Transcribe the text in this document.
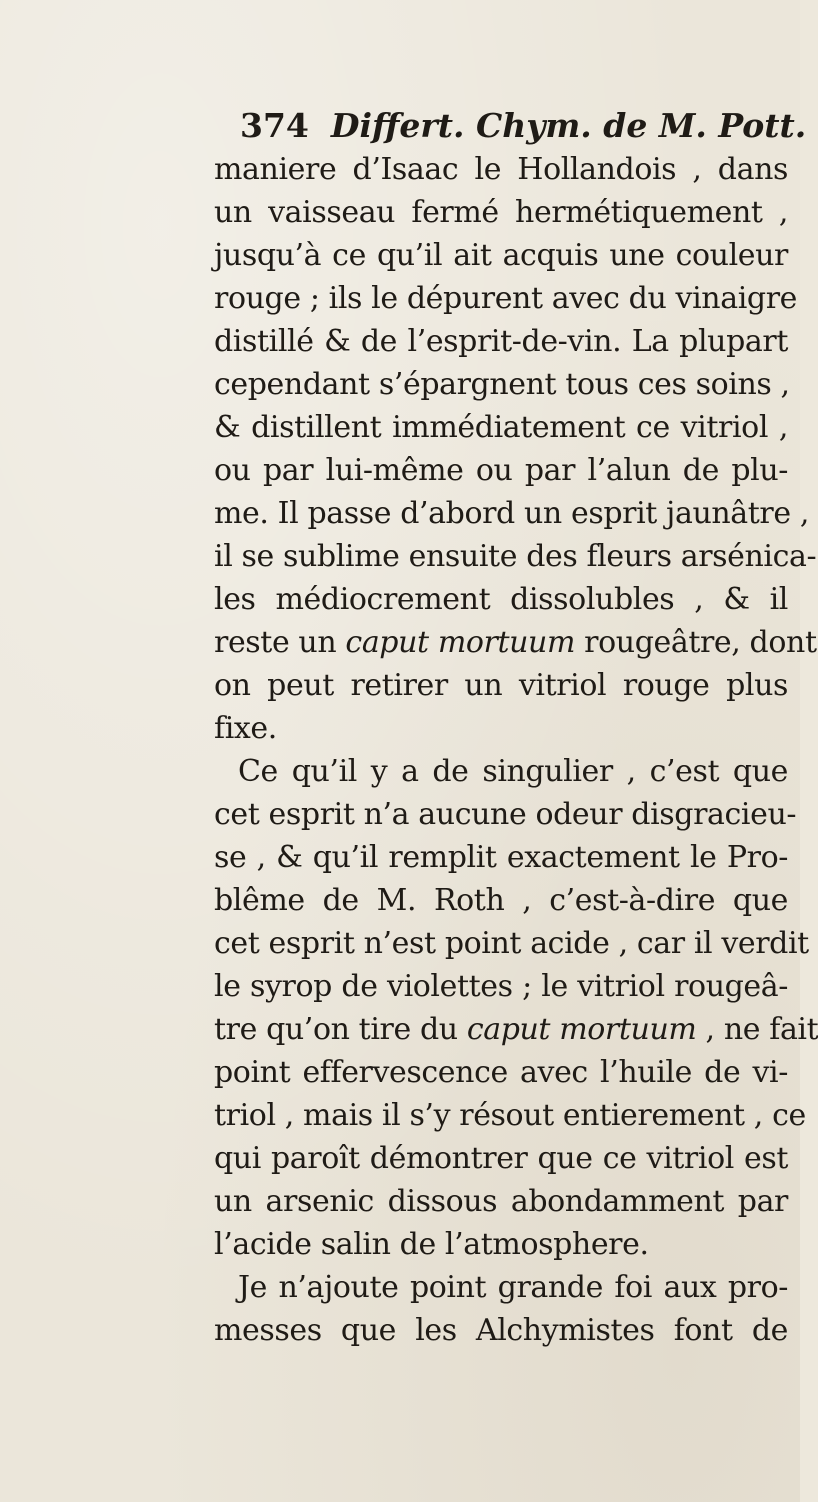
374 Differt. Chym. de M. Pott.
maniere d’Isaac le Hollandois , dans
un vaisseau fermé hermétiquement ,
jusqu’à ce qu’il ait acquis une couleur
rouge ; ils le dépurent avec du vinaigre
distillé & de l’esprit-de-vin. La plupart
cependant s’épargnent tous ces soins ,
& distillent immédiatement ce vitriol ,
ou par lui-même ou par l’alun de plu-
me. Il passe d’abord un esprit jaunâtre ,
il se sublime ensuite des fleurs arsénica-
les médiocrement dissolubles , & il
reste un caput mortuum rougeâtre, dont
on peut retirer un vitriol rouge plus
fixe.
Ce qu’il y a de singulier , c’est que
cet esprit n’a aucune odeur disgracieu-
se , & qu’il remplit exactement le Pro-
blême de M. Roth , c’est-à-dire que
cet esprit n’est point acide , car il verdit
le syrop de violettes ; le vitriol rougeâ-
tre qu’on tire du caput mortuum , ne fait
point effervescence avec l’huile de vi-
triol , mais il s’y résout entierement , ce
qui paroît démontrer que ce vitriol est
un arsenic dissous abondamment par
l’acide salin de l’atmosphere.
Je n’ajoute point grande foi aux pro-
messes que les Alchymistes font de
